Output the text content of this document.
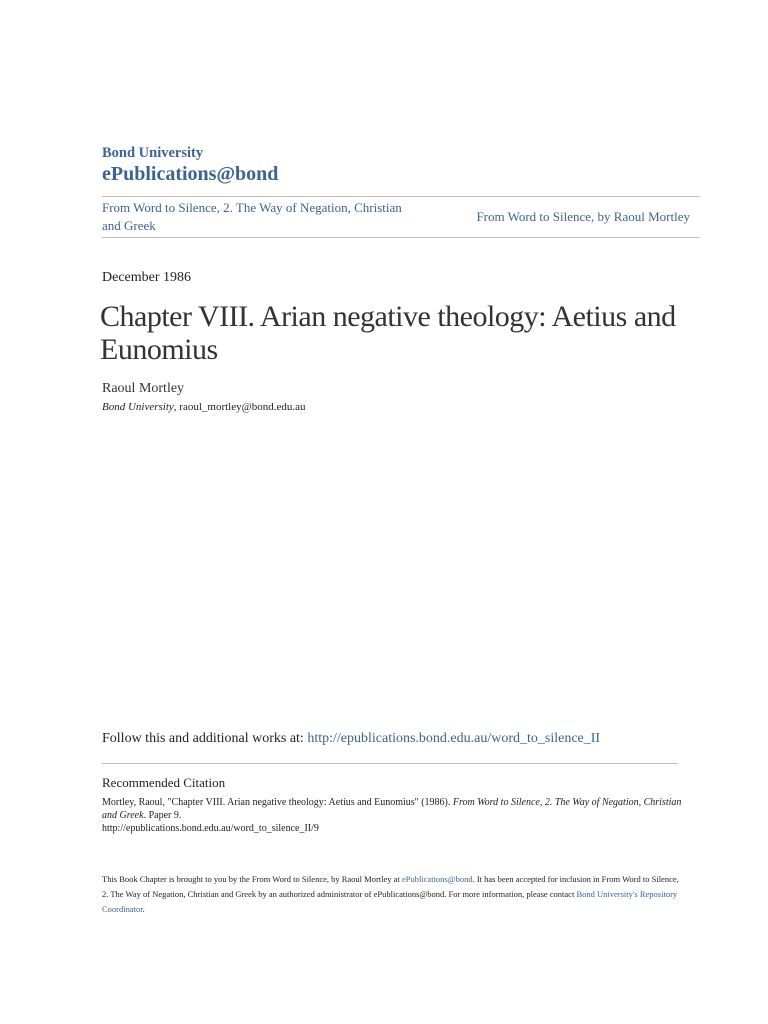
Bond University
ePublications@bond
From Word to Silence, 2. The Way of Negation, Christian and Greek
From Word to Silence, by Raoul Mortley
December 1986
Chapter VIII. Arian negative theology: Aetius and Eunomius
Raoul Mortley
Bond University, raoul_mortley@bond.edu.au
Follow this and additional works at: http://epublications.bond.edu.au/word_to_silence_II
Recommended Citation
Mortley, Raoul, "Chapter VIII. Arian negative theology: Aetius and Eunomius" (1986). From Word to Silence, 2. The Way of Negation, Christian and Greek. Paper 9.
http://epublications.bond.edu.au/word_to_silence_II/9
This Book Chapter is brought to you by the From Word to Silence, by Raoul Mortley at ePublications@bond. It has been accepted for inclusion in From Word to Silence, 2. The Way of Negation, Christian and Greek by an authorized administrator of ePublications@bond. For more information, please contact Bond University's Repository Coordinator.
